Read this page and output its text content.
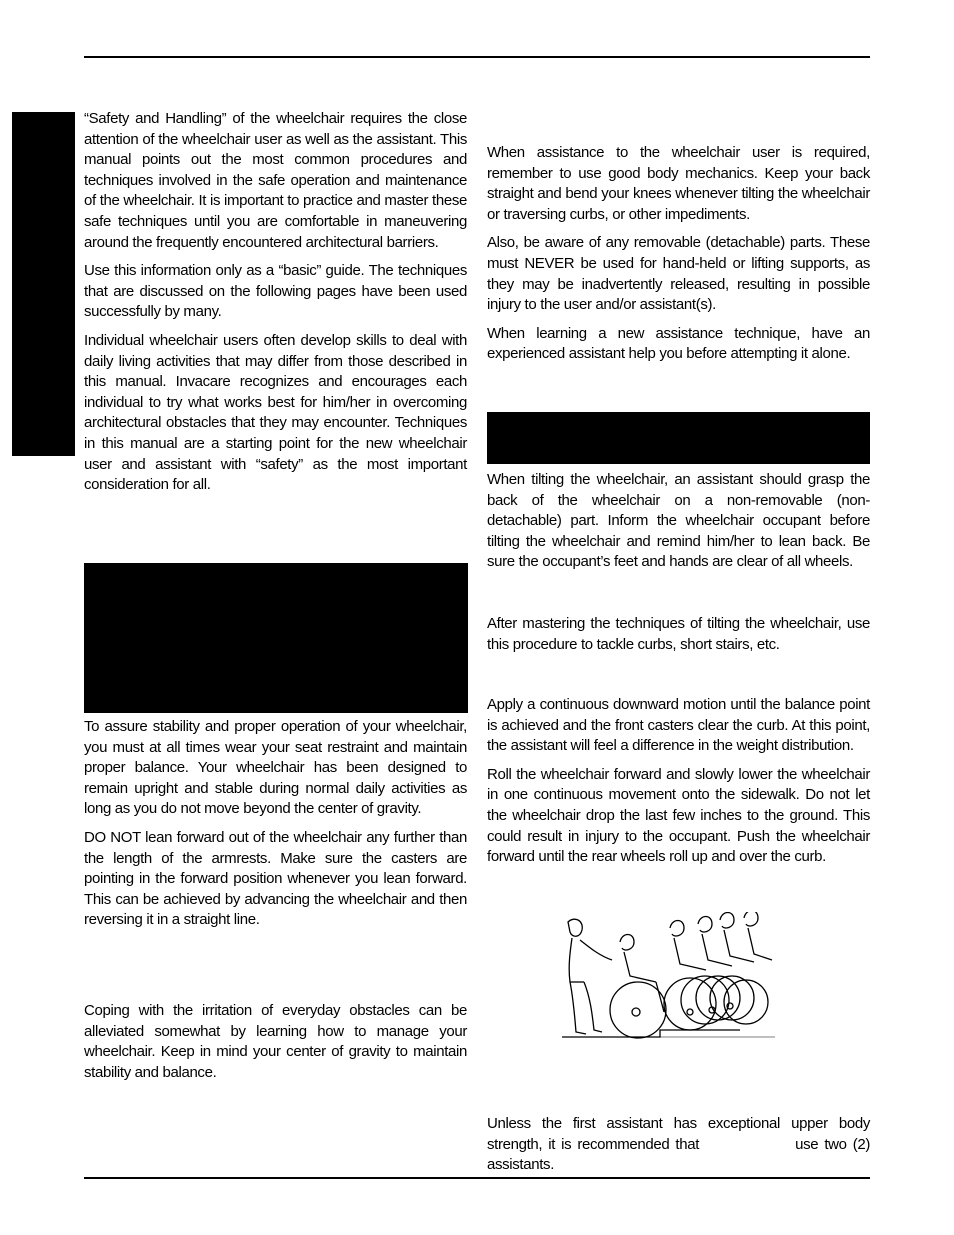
“Safety and Handling” of the wheelchair requires the close attention of the wheelchair user as well as the assistant. This manual points out the most common procedures and techniques involved in the safe operation and maintenance of the wheelchair. It is important to practice and master these safe techniques until you are comfortable in maneuvering around the frequently encountered architectural barriers.

Use this information only as a “basic” guide. The techniques that are discussed on the following pages have been used successfully by many.

Individual wheelchair users often develop skills to deal with daily living activities that may differ from those described in this manual. Invacare recognizes and encourages each individual to try what works best for him/her in overcoming architectural obstacles that they may encounter. Techniques in this manual are a starting point for the new wheelchair user and assistant with “safety” as the most important consideration for all.

To assure stability and proper operation of your wheelchair, you must at all times wear your seat restraint and maintain proper balance. Your wheelchair has been designed to remain upright and stable during normal daily activities as long as you do not move beyond the center of gravity.

DO NOT lean forward out of the wheelchair any further than the length of the armrests. Make sure the casters are pointing in the forward position whenever you lean forward. This can be achieved by advancing the wheelchair and then reversing it in a straight line.

Coping with the irritation of everyday obstacles can be alleviated somewhat by learning how to manage your wheelchair. Keep in mind your center of gravity to maintain stability and balance.

When assistance to the wheelchair user is required, remember to use good body mechanics. Keep your back straight and bend your knees whenever tilting the wheelchair or traversing curbs, or other impediments.

Also, be aware of any removable (detachable) parts. These must NEVER be used for hand-held or lifting supports, as they may be inadvertently released, resulting in possible injury to the user and/or assistant(s).

When learning a new assistance technique, have an experienced assistant help you before attempting it alone.

When tilting the wheelchair, an assistant should grasp the back of the wheelchair on a non-removable (non-detachable) part. Inform the wheelchair occupant before tilting the wheelchair and remind him/her to lean back. Be sure the occupant’s feet and hands are clear of all wheels.

After mastering the techniques of tilting the wheelchair, use this procedure to tackle curbs, short stairs, etc.

Apply a continuous downward motion until the balance point is achieved and the front casters clear the curb. At this point, the assistant will feel a difference in the weight distribution.

Roll the wheelchair forward and slowly lower the wheelchair in one continuous movement onto the sidewalk. Do not let the wheelchair drop the last few inches to the ground. This could result in injury to the occupant. Push the wheelchair forward until the rear wheels roll up and over the curb.

Unless the first assistant has exceptional upper body strength, it is recommended that	use two (2) assistants.
